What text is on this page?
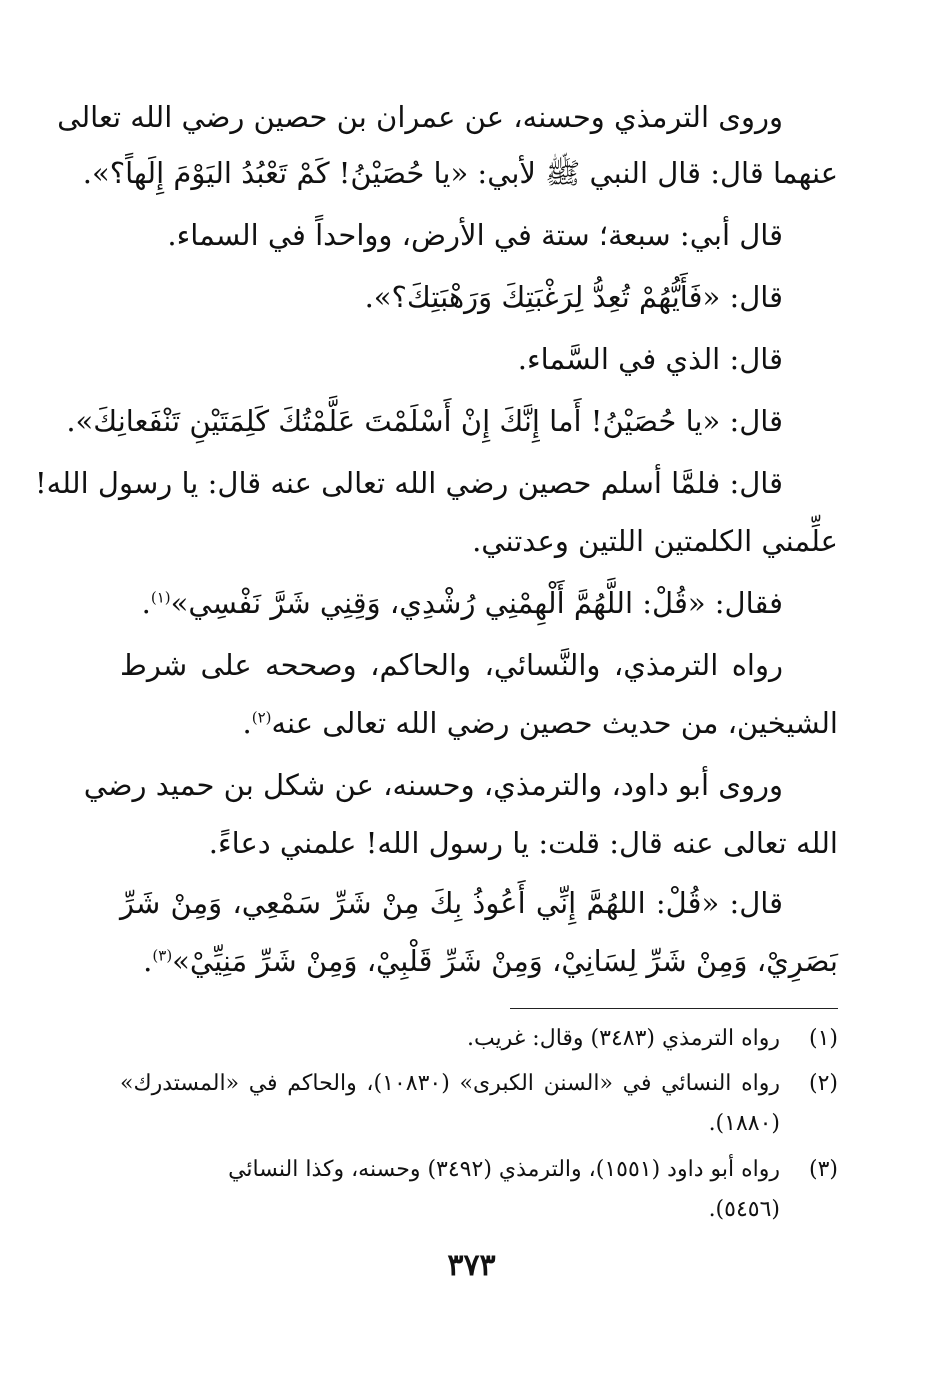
وروى الترمذي وحسنه، عن عمران بن حصين رضي الله تعالى
عنهما قال: قال النبي ﷺ لأبي: «يا حُصَيْنُ! كَمْ تَعْبُدُ اليَوْمَ إِلَهاً؟».
قال أبي: سبعة؛ ستة في الأرض، وواحداً في السماء.
قال: «فَأَيُّهُمْ تُعِدُّ لِرَغْبَتِكَ وَرَهْبَتِكَ؟».
قال: الذي في السَّماء.
قال: «يا حُصَيْنُ! أَما إِنَّكَ إِنْ أَسْلَمْتَ عَلَّمْتُكَ كَلِمَتَيْنِ تَنْفَعانِكَ».
قال: فلمَّا أسلم حصين رضي الله تعالى عنه قال: يا رسول الله!
علِّمني الكلمتين اللتين وعدتني.
فقال: «قُلْ: اللَّهُمَّ أَلْهِمْنِي رُشْدِي، وَقِنِي شَرَّ نَفْسِي»$^{(١)}$.
رواه الترمذي، والنَّسائي، والحاكم، وصححه على شرط
الشيخين، من حديث حصين رضي الله تعالى عنه$^{(٢)}$.
وروى أبو داود، والترمذي، وحسنه، عن شكل بن حميد رضي
الله تعالى عنه قال: قلت: يا رسول الله! علمني دعاءً.
قال: «قُلْ: اللهُمَّ إِنِّي أَعُوذُ بِكَ مِنْ شَرِّ سَمْعِي، وَمِنْ شَرِّ
بَصَرِيْ، وَمِنْ شَرِّ لِسَانِيْ، وَمِنْ شَرِّ قَلْبِيْ، وَمِنْ شَرِّ مَنِيِّيْ»$^{(٣)}$.
(١)رواه الترمذي (٣٤٨٣) وقال: غريب.
(٢)رواه النسائي في «السنن الكبرى» (١٠٨٣٠)، والحاكم في «المستدرك»
(١٨٨٠).
(٣)رواه أبو داود (١٥٥١)، والترمذي (٣٤٩٢) وحسنه، وكذا النسائي
(٥٤٥٦).
٣٧٣
